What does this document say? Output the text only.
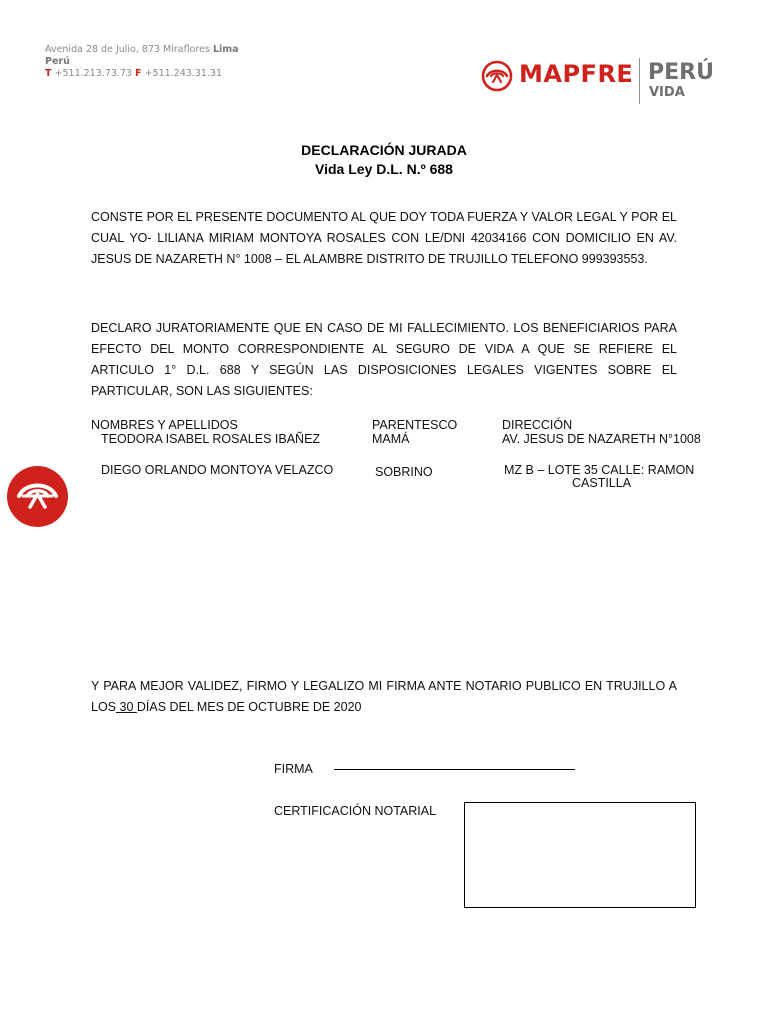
Avenida 28 de Julio, 873 Miraflores Lima
Perú
T +511.213.73.73 F +511.243.31.31	MAPFRE PERÚ
VIDA
DECLARACIÓN JURADA
Vida Ley D.L. N.º 688
CONSTE POR EL PRESENTE DOCUMENTO AL QUE DOY TODA FUERZA Y VALOR LEGAL Y POR EL CUAL YO- LILIANA MIRIAM MONTOYA ROSALES CON LE/DNI 42034166 CON DOMICILIO EN AV. JESUS DE NAZARETH N° 1008 – EL ALAMBRE DISTRITO DE TRUJILLO TELEFONO 999393553.
DECLARO JURATORIAMENTE QUE EN CASO DE MI FALLECIMIENTO. LOS BENEFICIARIOS PARA EFECTO DEL MONTO CORRESPONDIENTE AL SEGURO DE VIDA A QUE SE REFIERE EL ARTICULO 1° D.L. 688 Y SEGÚN LAS DISPOSICIONES LEGALES VIGENTES SOBRE EL PARTICULAR, SON LAS SIGUIENTES:
NOMBRES Y APELLIDOS	PARENTESCO	DIRECCIÓN
TEODORA ISABEL ROSALES IBAÑEZ	MAMÁ	AV. JESUS DE NAZARETH N°1008
DIEGO ORLANDO MONTOYA VELAZCO	SOBRINO	MZ B – LOTE 35 CALLE: RAMON
CASTILLA
Y PARA MEJOR VALIDEZ, FIRMO Y LEGALIZO MI FIRMA ANTE NOTARIO PUBLICO EN TRUJILLO A LOS 30 DÍAS DEL MES DE OCTUBRE DE 2020
FIRMA
CERTIFICACIÓN NOTARIAL
